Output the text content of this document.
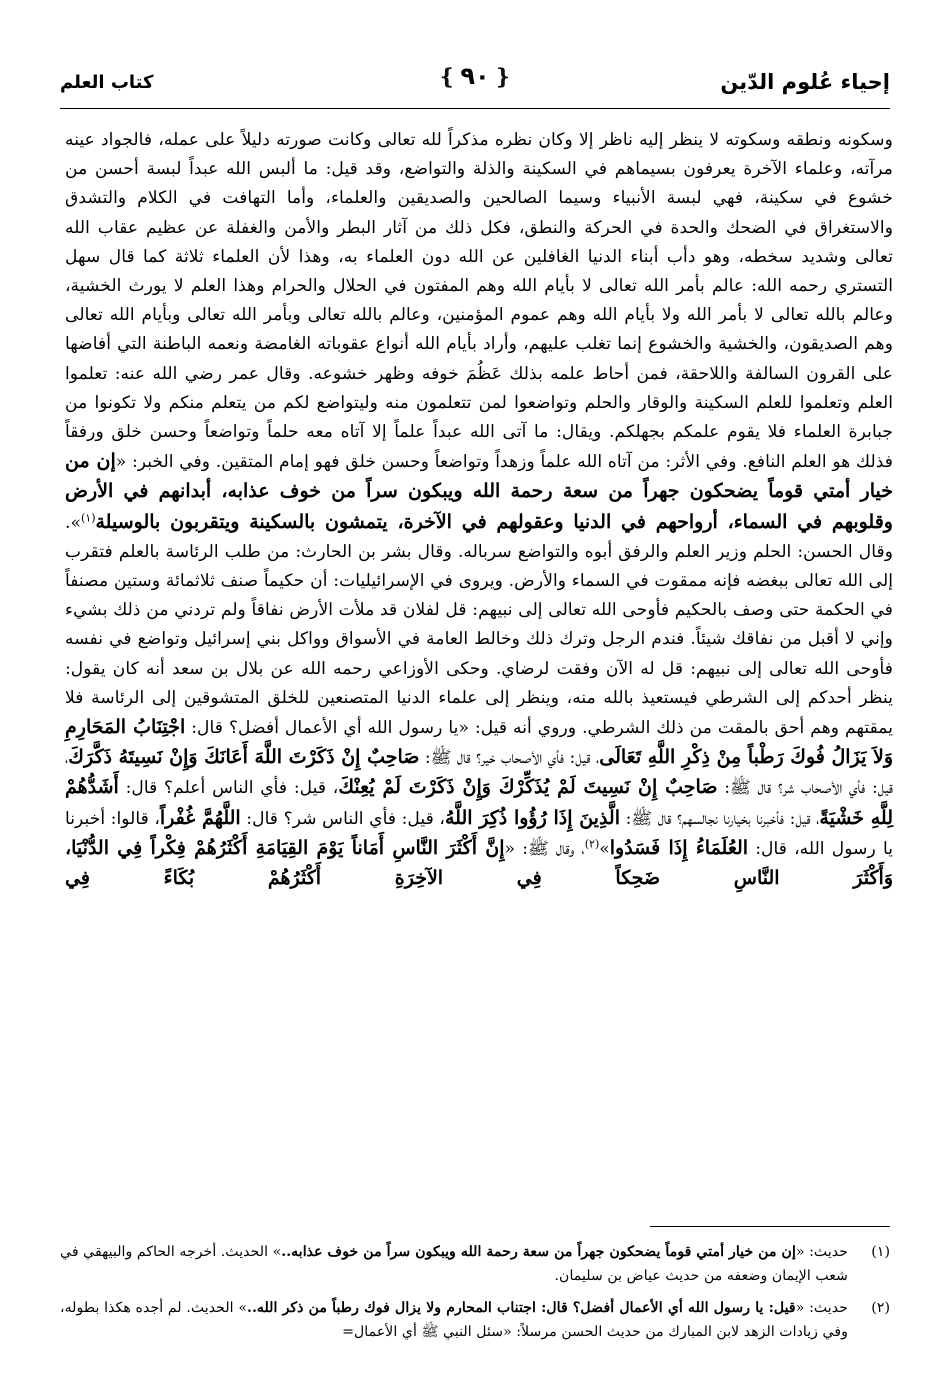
إحياء عُلوم الدّين
❴ ٩٠ ❵
كتاب العلم

وسكونه ونطقه وسكوته لا ينظر إليه ناظر إلا وكان نظره مذكراً لله تعالى وكانت صورته دليلاً على عمله، فالجواد عينه مرآته، وعلماء الآخرة يعرفون بسيماهم في السكينة والذلة والتواضع، وقد قيل: ما ألبس الله عبداً لبسة أحسن من خشوع في سكينة، فهي لبسة الأنبياء وسيما الصالحين والصديقين والعلماء، وأما التهافت في الكلام والتشدق والاستغراق في الضحك والحدة في الحركة والنطق، فكل ذلك من آثار البطر والأمن والغفلة عن عظيم عقاب الله تعالى وشديد سخطه، وهو دأب أبناء الدنيا الغافلين عن الله دون العلماء به، وهذا لأن العلماء ثلاثة كما قال سهل التستري رحمه الله: عالم بأمر الله تعالى لا بأيام الله وهم المفتون في الحلال والحرام وهذا العلم لا يورث الخشية، وعالم بالله تعالى لا بأمر الله ولا بأيام الله وهم عموم المؤمنين، وعالم بالله تعالى وبأمر الله تعالى وبأيام الله تعالى وهم الصديقون، والخشية والخشوع إنما تغلب عليهم، وأراد بأيام الله أنواع عقوباته الغامضة ونعمه الباطنة التي أفاضها على القرون السالفة واللاحقة، فمن أحاط علمه بذلك عَظُمَ خوفه وظهر خشوعه. وقال عمر رضي الله عنه: تعلموا العلم وتعلموا للعلم السكينة والوقار والحلم وتواضعوا لمن تتعلمون منه وليتواضع لكم من يتعلم منكم ولا تكونوا من جبابرة العلماء فلا يقوم علمكم بجهلكم. ويقال: ما آتى الله عبداً علماً إلا آتاه معه حلماً وتواضعاً وحسن خلق ورفقاً فذلك هو العلم النافع. وفي الأثر: من آتاه الله علماً وزهداً وتواضعاً وحسن خلق فهو إمام المتقين. وفي الخبر: «إن من خيار أمتي قوماً يضحكون جهراً من سعة رحمة الله ويبكون سراً من خوف عذابه، أبدانهم في الأرض وقلوبهم في السماء، أرواحهم في الدنيا وعقولهم في الآخرة، يتمشون بالسكينة ويتقربون بالوسيلة$^{(١)}$». وقال الحسن: الحلم وزير العلم والرفق أبوه والتواضع سرباله. وقال بشر بن الحارث: من طلب الرئاسة بالعلم فتقرب إلى الله تعالى ببغضه فإنه ممقوت في السماء والأرض. ويروى في الإسرائيليات: أن حكيماً صنف ثلاثمائة وستين مصنفاً في الحكمة حتى وصف بالحكيم فأوحى الله تعالى إلى نبيهم: قل لفلان قد ملأت الأرض نفاقاً ولم تردني من ذلك بشيء وإني لا أقبل من نفاقك شيئاً. فندم الرجل وترك ذلك وخالط العامة في الأسواق وواكل بني إسرائيل وتواضع في نفسه فأوحى الله تعالى إلى نبيهم: قل له الآن وفقت لرضاي. وحكى الأوزاعي رحمه الله عن بلال بن سعد أنه كان يقول: ينظر أحدكم إلى الشرطي فيستعيذ بالله منه، وينظر إلى علماء الدنيا المتصنعين للخلق المتشوقين إلى الرئاسة فلا يمقتهم وهم أحق بالمقت من ذلك الشرطي. وروي أنه قيل: «يا رسول الله أي الأعمال أفضل؟ قال: اجْتِنَابُ المَحَارِمِ وَلاَ يَزَالُ فُوكَ رَطْباً مِنْ ذِكْرِ اللَّهِ تَعَالَى، قيل: فأي الأصحاب خير؟ قال ﷺ: صَاحِبٌ إِنْ ذَكَرْتَ اللَّهَ أَعَانَكَ وَإِنْ نَسِيتَهُ ذَكَّرَكَ، قيل: فأي الأصحاب شر؟ قال ﷺ: صَاحِبٌ إِنْ نَسِيتَ لَمْ يُذَكِّرْكَ وَإِنْ ذَكَرْتَ لَمْ يُعِنْكَ، قيل: فأي الناس أعلم؟ قال: أَشَدُّهُمْ لِلَّهِ خَشْيَةً، قيل: فأخبرنا بخيارنا نجالسهم؟ قال ﷺ: الَّذِينَ إِذَا رُؤُوا ذُكِرَ اللَّهُ، قيل: فأي الناس شر؟ قال: اللَّهُمَّ غُفْراً، قالوا: أخبرنا يا رسول الله، قال: العُلَمَاءُ إِذَا فَسَدُوا»$^{(٢)}$، وقال ﷺ: «إِنَّ أَكْثَرَ النَّاسِ أَمَاناً يَوْمَ القِيَامَةِ أَكْثَرُهُمْ فِكْراً فِي الدُّنْيَا، وَأَكْثَرَ النَّاسِ ضَحِكاً فِي الآخِرَةِ أَكْثَرُهُمْ بُكَاءً فِي

(١)
حديث: «إن من خيار أمتي قوماً يضحكون جهراً من سعة رحمة الله ويبكون سراً من خوف عذابه..» الحديث. أخرجه الحاكم والبيهقي في شعب الإيمان وضعفه من حديث عياض بن سليمان.
(٢)
حديث: «قيل: يا رسول الله أي الأعمال أفضل؟ قال: اجتناب المحارم ولا يزال فوك رطباً من ذكر الله..» الحديث. لم أجده هكذا بطوله، وفي زيادات الزهد لابن المبارك من حديث الحسن مرسلاً: «سئل النبي ﷺ أي الأعمال=
